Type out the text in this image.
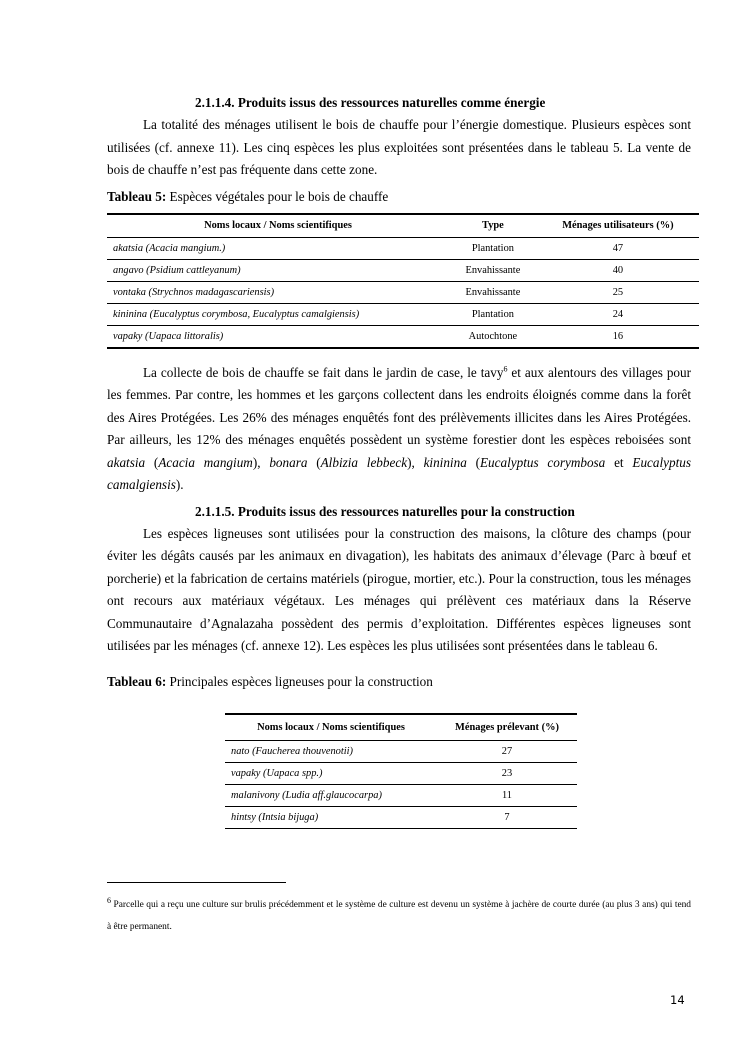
2.1.1.4. Produits issus des ressources naturelles comme énergie

La totalité des ménages utilisent le bois de chauffe pour l’énergie domestique. Plusieurs espèces sont utilisées (cf. annexe 11). Les cinq espèces les plus exploitées sont présentées dans le tableau 5. La vente de bois de chauffe n’est pas fréquente dans cette zone.

Tableau 5: Espèces végétales pour le bois de chauffe

Noms locaux / Noms scientifiques	Type	Ménages utilisateurs (%)
akatsia (Acacia mangium.)	Plantation	47
angavo (Psidium cattleyanum)	Envahissante	40
vontaka (Strychnos madagascariensis)	Envahissante	25
kininina (Eucalyptus corymbosa, Eucalyptus camalgiensis)	Plantation	24
vapaky (Uapaca littoralis)	Autochtone	16

La collecte de bois de chauffe se fait dans le jardin de case, le tavy$^6$ et aux alentours des villages pour les femmes. Par contre, les hommes et les garçons collectent dans les endroits éloignés comme dans la forêt des Aires Protégées. Les 26% des ménages enquêtés font des prélèvements illicites dans les Aires Protégées. Par ailleurs, les 12% des ménages enquêtés possèdent un système forestier dont les espèces reboisées sont akatsia (Acacia mangium), bonara (Albizia lebbeck), kininina (Eucalyptus corymbosa et Eucalyptus camalgiensis).

2.1.1.5. Produits issus des ressources naturelles pour la construction

Les espèces ligneuses sont utilisées pour la construction des maisons, la clôture des champs (pour éviter les dégâts causés par les animaux en divagation), les habitats des animaux d’élevage (Parc à bœuf et porcherie) et la fabrication de certains matériels (pirogue, mortier, etc.). Pour la construction, tous les ménages ont recours aux matériaux végétaux. Les ménages qui prélèvent ces matériaux dans la Réserve Communautaire d’Agnalazaha possèdent des permis d’exploitation. Différentes espèces ligneuses sont utilisées par les ménages (cf. annexe 12). Les espèces les plus utilisées sont présentées dans le tableau 6.

Tableau 6: Principales espèces ligneuses pour la construction

Noms locaux / Noms scientifiques	Ménages prélevant (%)
nato (Faucherea thouvenotii)	27
vapaky (Uapaca spp.)	23
malanivony (Ludia aff.glaucocarpa)	11
hintsy (Intsia bijuga)	7
$^6$ Parcelle qui a reçu une culture sur brulis précédemment et le système de culture est devenu un système à jachère de courte durée (au plus 3 ans) qui tend à être permanent.
14
